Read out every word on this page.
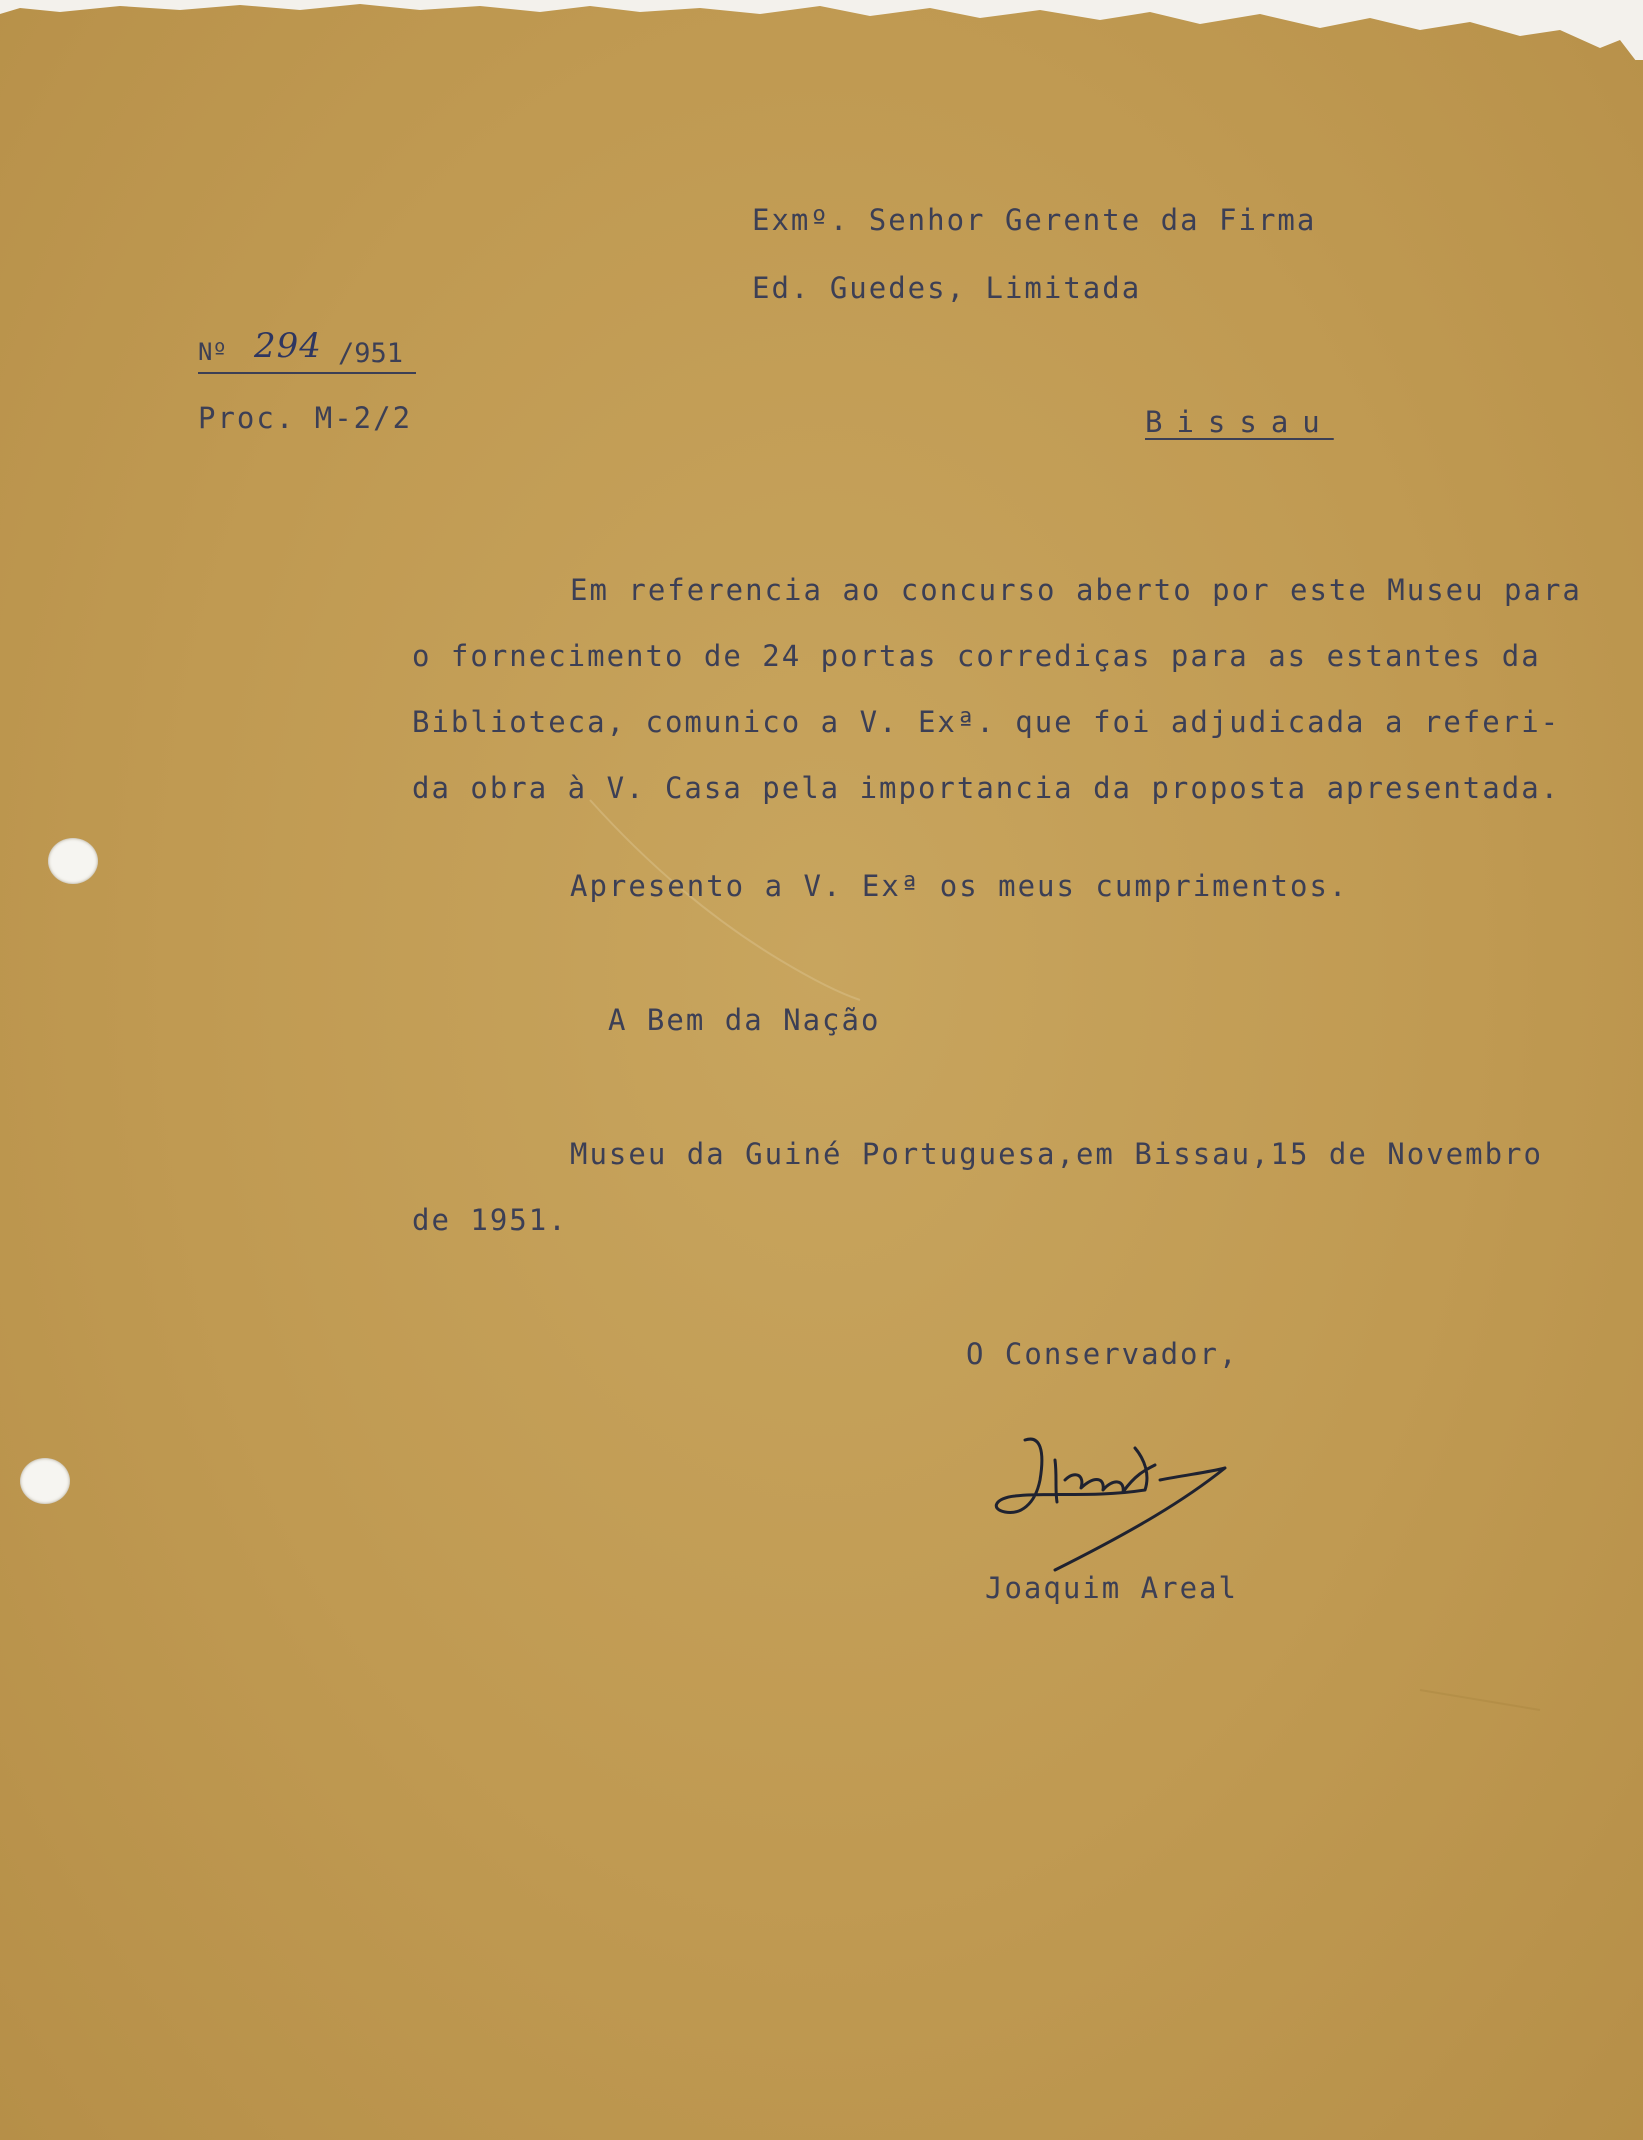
Exmº. Senhor Gerente da Firma
Ed. Guedes, Limitada
Nº 294 /951
Proc. M-2/2	Bissau
Em referencia ao concurso aberto por este Museu para
o fornecimento de 24 portas corrediças para as estantes da
Biblioteca, comunico a V. Exª. que foi adjudicada a referi-
da obra à V. Casa pela importancia da proposta apresentada.
Apresento a V. Exª os meus cumprimentos.
A Bem da Nação
Museu da Guiné Portuguesa,em Bissau,15 de Novembro
de 1951.
O Conservador,
Joaquim Areal
